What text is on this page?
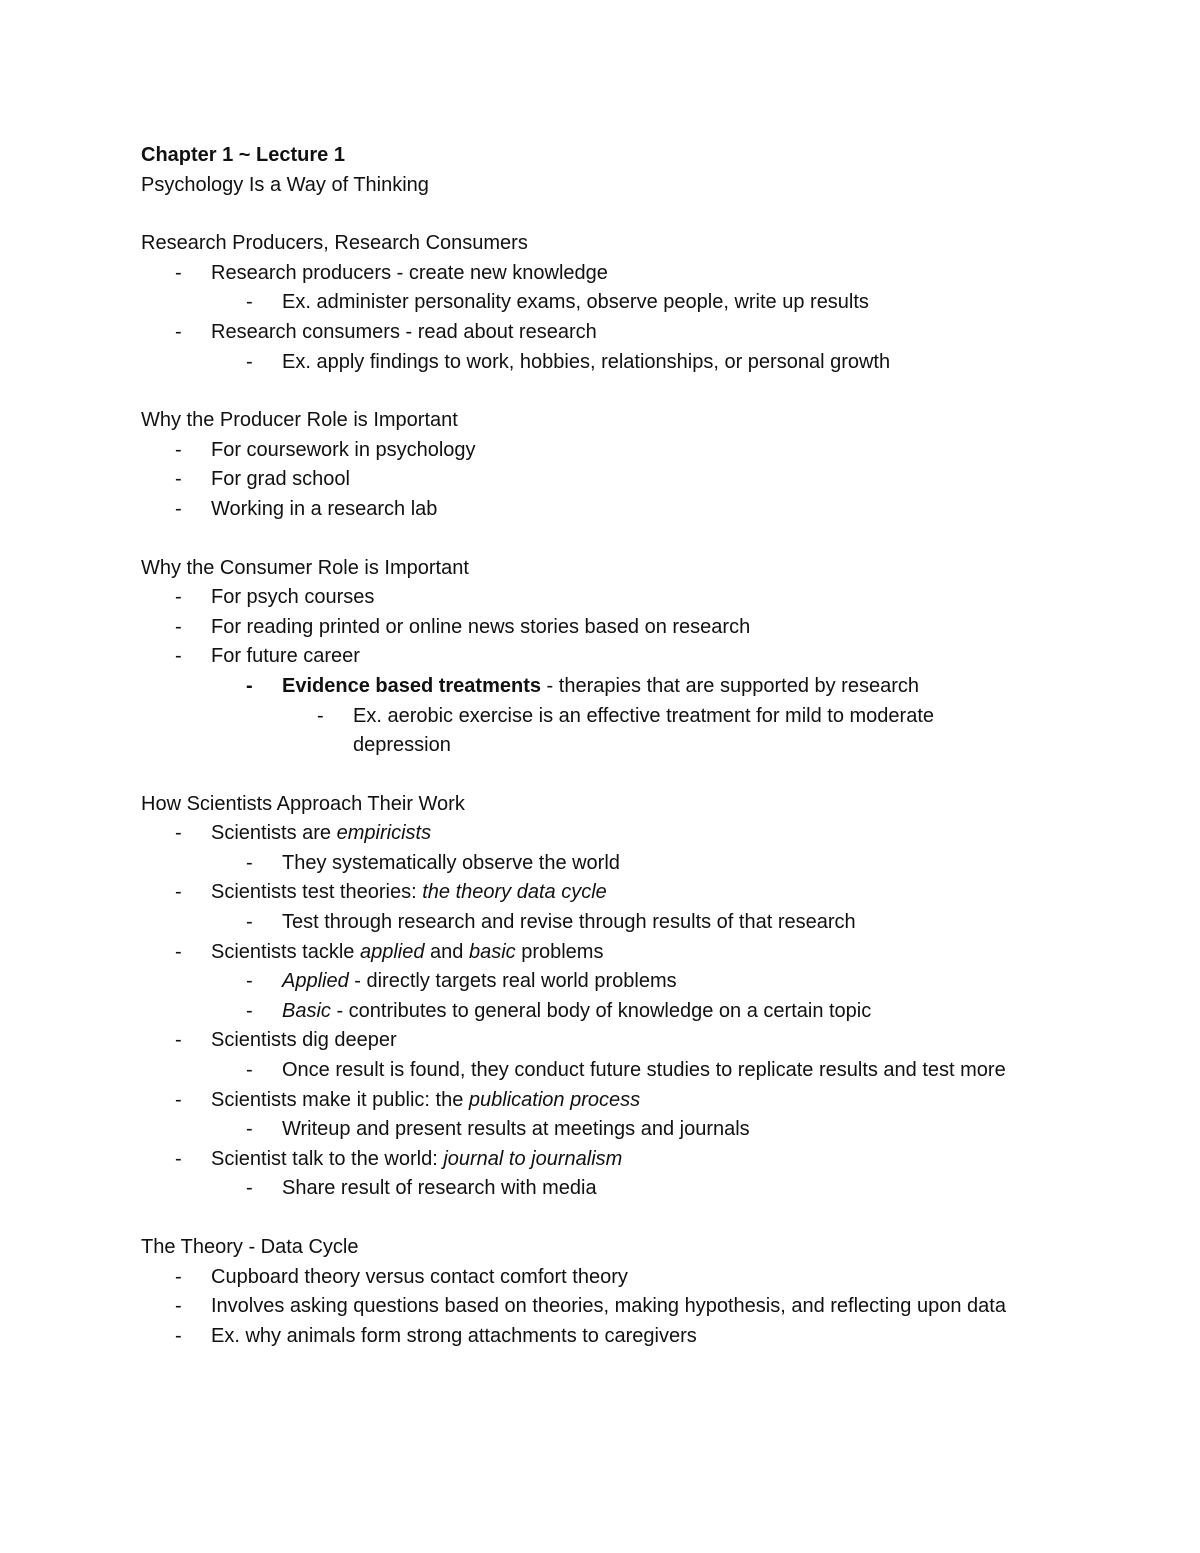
Chapter 1 ~ Lecture 1
Psychology Is a Way of Thinking
Research Producers, Research Consumers
- Research producers - create new knowledge
- Ex. administer personality exams, observe people, write up results
- Research consumers - read about research
- Ex. apply findings to work, hobbies, relationships, or personal growth
Why the Producer Role is Important
- For coursework in psychology
- For grad school
- Working in a research lab
Why the Consumer Role is Important
- For psych courses
- For reading printed or online news stories based on research
- For future career
- Evidence based treatments - therapies that are supported by research
- Ex. aerobic exercise is an effective treatment for mild to moderate depression
How Scientists Approach Their Work
- Scientists are empiricists
- They systematically observe the world
- Scientists test theories: the theory data cycle
- Test through research and revise through results of that research
- Scientists tackle applied and basic problems
- Applied - directly targets real world problems
- Basic - contributes to general body of knowledge on a certain topic
- Scientists dig deeper
- Once result is found, they conduct future studies to replicate results and test more
- Scientists make it public: the publication process
- Writeup and present results at meetings and journals
- Scientist talk to the world: journal to journalism
- Share result of research with media
The Theory - Data Cycle
- Cupboard theory versus contact comfort theory
- Involves asking questions based on theories, making hypothesis, and reflecting upon data
- Ex. why animals form strong attachments to caregivers
